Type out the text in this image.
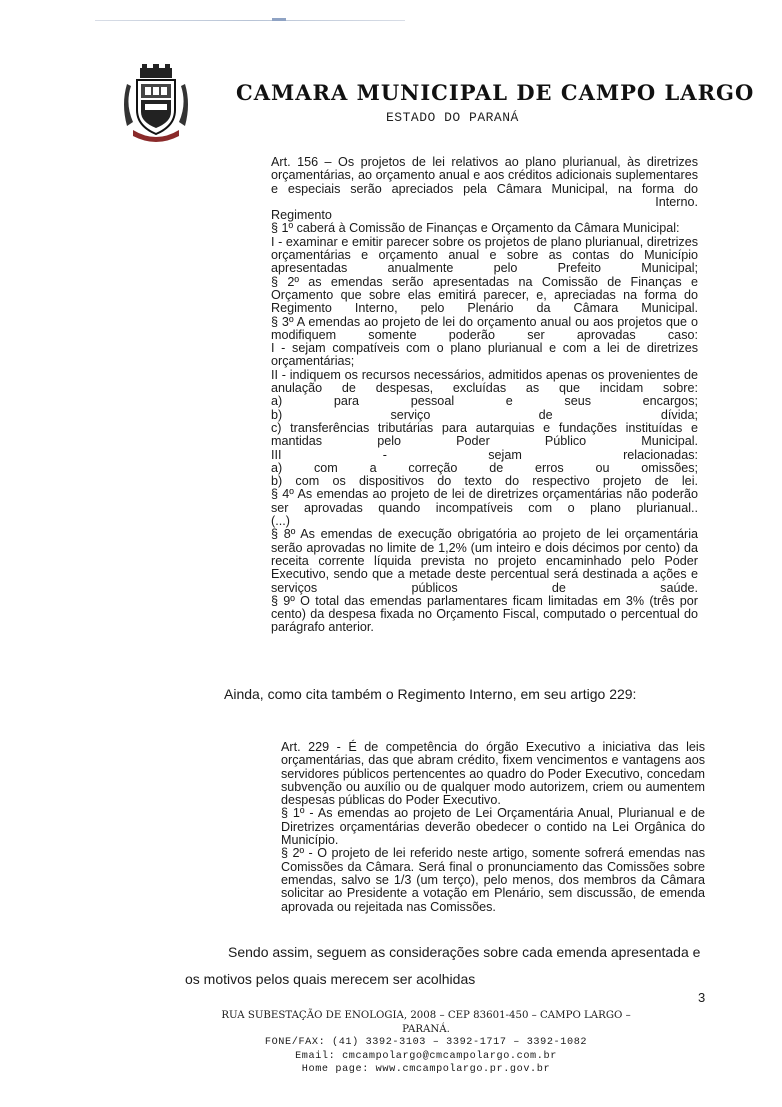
CAMARA MUNICIPAL DE CAMPO LARGO
ESTADO DO PARANÁ
Art. 156 – Os projetos de lei relativos ao plano plurianual, às diretrizes
orçamentárias, ao orçamento anual e aos créditos adicionais suplementares
e especiais serão apreciados pela Câmara Municipal, na forma do
Interno.
Regimento
§ 1º caberá à Comissão de Finanças e Orçamento da Câmara Municipal:
I - examinar e emitir parecer sobre os projetos de plano plurianual, diretrizes
orçamentárias e orçamento anual e sobre as contas do Município
apresentadas anualmente pelo Prefeito Municipal;
§ 2º as emendas serão apresentadas na Comissão de Finanças e
Orçamento que sobre elas emitirá parecer, e, apreciadas na forma do
Regimento Interno, pelo Plenário da Câmara Municipal.
§ 3º A emendas ao projeto de lei do orçamento anual ou aos projetos que o
modifiquem somente poderão ser aprovadas caso:
I - sejam compatíveis com o plano plurianual e com a lei de diretrizes
orçamentárias;
II - indiquem os recursos necessários, admitidos apenas os provenientes de
anulação de despesas, excluídas as que incidam sobre:
a) para pessoal e seus encargos;
b) serviço de dívida;
c) transferências tributárias para autarquias e fundações instituídas e
mantidas pelo Poder Público Municipal.
III - sejam relacionadas:
a) com a correção de erros ou omissões;
b) com os dispositivos do texto do respectivo projeto de lei.
§ 4º As emendas ao projeto de lei de diretrizes orçamentárias não poderão
ser aprovadas quando incompatíveis com o plano plurianual..
(...)
§ 8º As emendas de execução obrigatória ao projeto de lei orçamentária
serão aprovadas no limite de 1,2% (um inteiro e dois décimos por cento) da
receita corrente líquida prevista no projeto encaminhado pelo Poder
Executivo, sendo que a metade deste percentual será destinada a ações e
serviços públicos de saúde.
§ 9º O total das emendas parlamentares ficam limitadas em 3% (três por
cento) da despesa fixada no Orçamento Fiscal, computado o percentual do
parágrafo anterior.
Ainda, como cita também o Regimento Interno, em seu artigo 229:
Art. 229 - É de competência do órgão Executivo a iniciativa das leis
orçamentárias, das que abram crédito, fixem vencimentos e vantagens aos
servidores públicos pertencentes ao quadro do Poder Executivo, concedam
subvenção ou auxílio ou de qualquer modo autorizem, criem ou aumentem
despesas públicas do Poder Executivo.
§ 1º - As emendas ao projeto de Lei Orçamentária Anual, Plurianual e de
Diretrizes orçamentárias deverão obedecer o contido na Lei Orgânica do
Município.
§ 2º - O projeto de lei referido neste artigo, somente sofrerá emendas nas
Comissões da Câmara. Será final o pronunciamento das Comissões sobre
emendas, salvo se 1/3 (um terço), pelo menos, dos membros da Câmara
solicitar ao Presidente a votação em Plenário, sem discussão, de emenda
aprovada ou rejeitada nas Comissões.
Sendo assim, seguem as considerações sobre cada emenda apresentada e
os motivos pelos quais merecem ser acolhidas
3
RUA SUBESTAÇÃO DE ENOLOGIA, 2008 – CEP 83601-450 – CAMPO LARGO – PARANÁ.
FONE/FAX: (41) 3392-3103 – 3392-1717 – 3392-1082
Email: cmcampolargo@cmcampolargo.com.br
Home page: www.cmcampolargo.pr.gov.br
